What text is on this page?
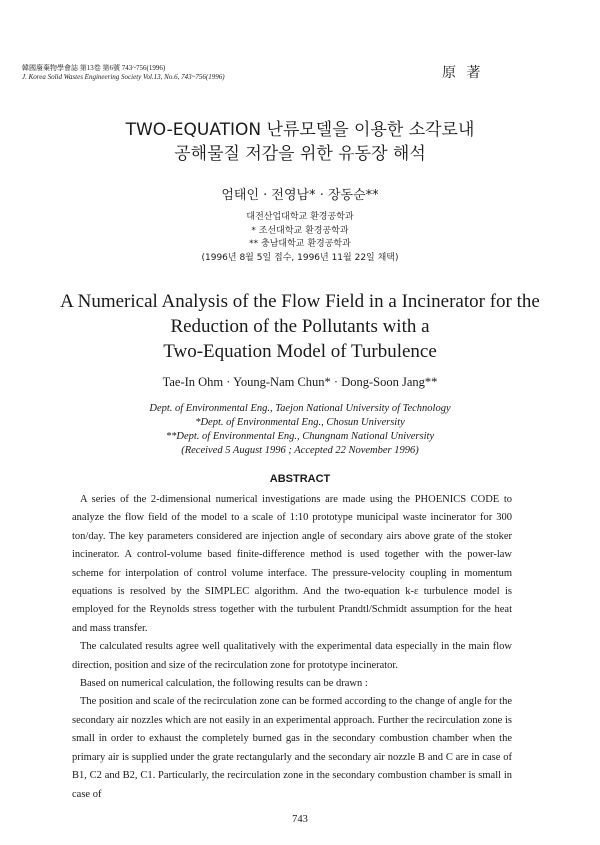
韓國廢棄物學會誌 第13卷 第6號 743~756(1996)
J. Korea Solid Wastes Engineering Society Vol.13, No.6, 743~756(1996)	原 著
TWO-EQUATION 난류모델을 이용한 소각로내
공해물질 저감을 위한 유동장 해석
엄태인 · 전영남* · 장동순**
대전산업대학교 환경공학과
* 조선대학교 환경공학과
** 충남대학교 환경공학과
(1996년 8월 5일 접수, 1996년 11월 22일 채택)
A Numerical Analysis of the Flow Field in a Incinerator for the
Reduction of the Pollutants with a
Two-Equation Model of Turbulence
Tae-In Ohm · Young-Nam Chun* · Dong-Soon Jang**
Dept. of Environmental Eng., Taejon National University of Technology
*Dept. of Environmental Eng., Chosun University
**Dept. of Environmental Eng., Chungnam National University
(Received 5 August 1996 ; Accepted 22 November 1996)
ABSTRACT

A series of the 2-dimensional numerical investigations are made using the PHOENICS CODE to analyze the flow field of the model to a scale of 1:10 prototype municipal waste incinerator for 300 ton/day. The key parameters considered are injection angle of secondary airs above grate of the stoker incinerator. A control-volume based finite-difference method is used together with the power-law scheme for interpolation of control volume interface. The pressure-velocity coupling in momentum equations is resolved by the SIMPLEC algorithm. And the two-equation k-ε turbulence model is employed for the Reynolds stress together with the turbulent Prandtl/Schmidt assumption for the heat and mass transfer.

The calculated results agree well qualitatively with the experimental data especially in the main flow direction, position and size of the recirculation zone for prototype incinerator.

Based on numerical calculation, the following results can be drawn :

The position and scale of the recirculation zone can be formed according to the change of angle for the secondary air nozzles which are not easily in an experimental approach. Further the recirculation zone is small in order to exhaust the completely burned gas in the secondary combustion chamber when the primary air is supplied under the grate rectangularly and the secondary air nozzle B and C are in case of B1, C2 and B2, C1. Particularly, the recirculation zone in the secondary combustion chamber is small in case of

743
